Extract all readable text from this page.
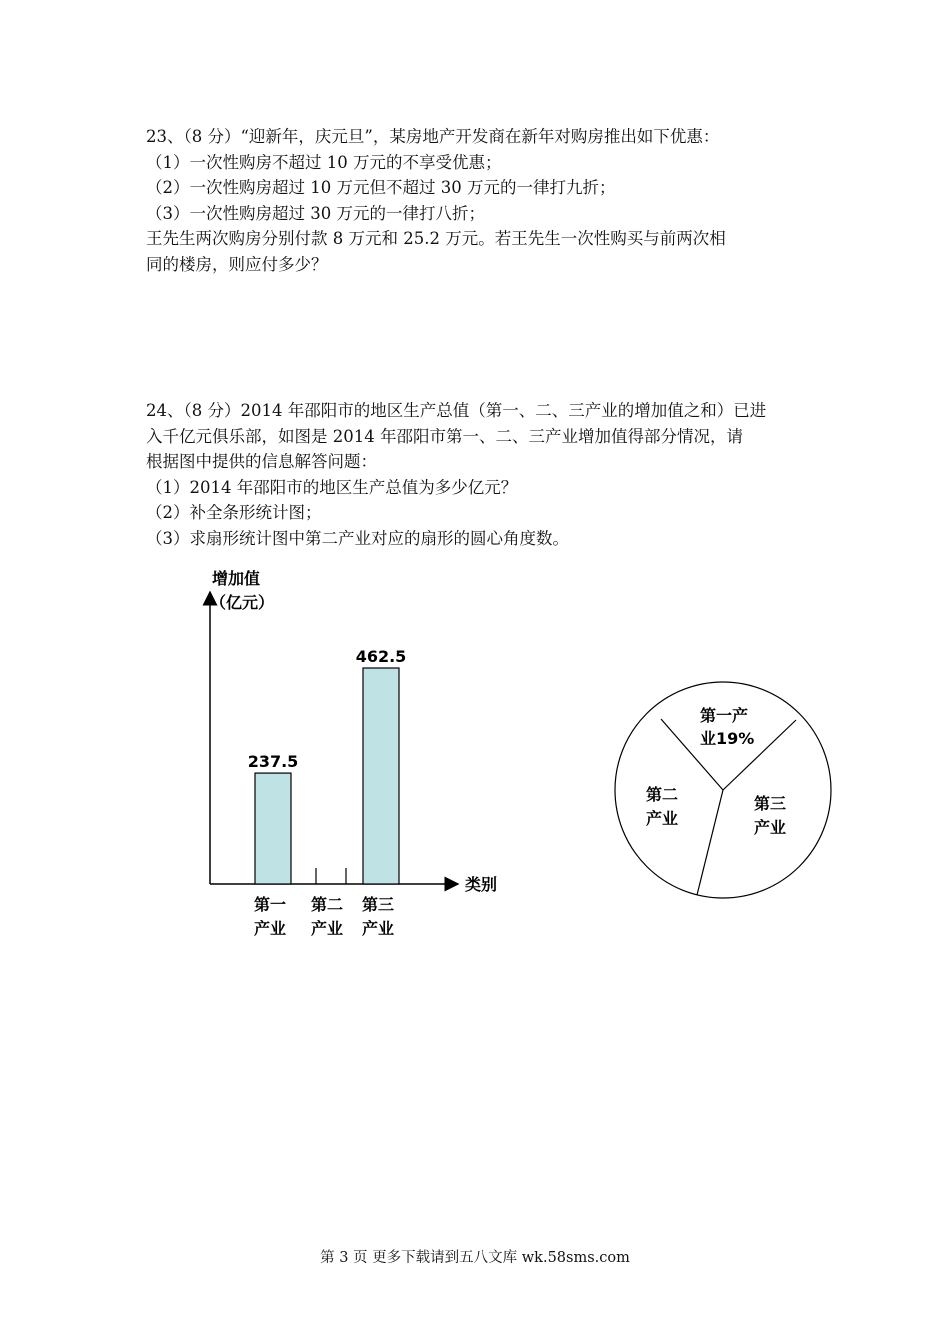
23、（8 分）“迎新年，庆元旦”，某房地产开发商在新年对购房推出如下优惠：

（1）一次性购房不超过 10 万元的不享受优惠；

（2）一次性购房超过 10 万元但不超过 30 万元的一律打九折；

（3）一次性购房超过 30 万元的一律打八折；

王先生两次购房分别付款 8 万元和 25.2 万元。若王先生一次性购买与前两次相

同的楼房，则应付多少？

24、（8 分）2014 年邵阳市的地区生产总值（第一、二、三产业的增加值之和）已进

入千亿元俱乐部，如图是 2014 年邵阳市第一、二、三产业增加值得部分情况，请

根据图中提供的信息解答问题：

（1）2014 年邵阳市的地区生产总值为多少亿元？

（2）补全条形统计图；

（3）求扇形统计图中第二产业对应的扇形的圆心角度数。

增加值
（亿元）
类别
237.5
462.5
第一
产业
第二
产业
第三
产业
第一产
业19%
第二
产业
第三
产业
第 3 页 更多下载请到五八文库 wk.58sms.com
